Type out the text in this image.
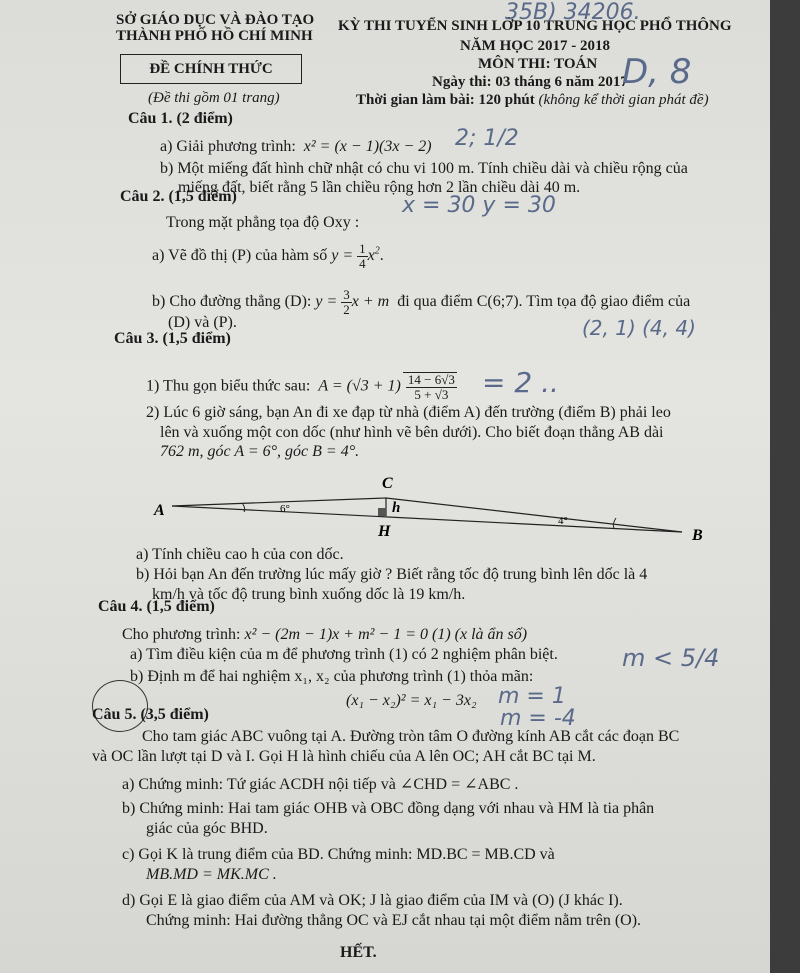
SỞ GIÁO DỤC VÀ ĐÀO TẠO
THÀNH PHỐ HỒ CHÍ MINH
ĐỀ CHÍNH THỨC
(Đề thi gồm 01 trang)
KỲ THI TUYỂN SINH LỚP 10 TRUNG HỌC PHỔ THÔNG
NĂM HỌC 2017 - 2018
MÔN THI: TOÁN
Ngày thi: 03 tháng 6 năm 2017
Thời gian làm bài: 120 phút (không kể thời gian phát đề)
35B) 34206.
D, 8
Câu 1. (2 điểm)
a) Giải phương trình: x² = (x − 1)(3x − 2) 2; 1/2
b) Một miếng đất hình chữ nhật có chu vi 100 m. Tính chiều dài và chiều rộng của
miếng đất, biết rằng 5 lần chiều rộng hơn 2 lần chiều dài 40 m.
x = 30 y = 30
Câu 2. (1,5 điểm)
Trong mặt phẳng tọa độ Oxy :
a) Vẽ đồ thị (P) của hàm số $y = \frac{1}{4} x^2$.
b) Cho đường thẳng (D): $y = \frac{3}{2}$ x + m đi qua điểm C(6;7). Tìm tọa độ giao điểm của
(D) và (P).	(2, 1) (4, 4)
Câu 3. (1,5 điểm)
1) Thu gọn biểu thức sau: $A = (√3 + 1) \frac{14 - 6√3}{5 + √3} = 2$ ..
2) Lúc 6 giờ sáng, bạn An đi xe đạp từ nhà (điểm A) đến trường (điểm B) phải leo
lên và xuống một con dốc (như hình vẽ bên dưới). Cho biết đoạn thẳng AB dài
762 m, góc A = 6°, góc B = 4°.
A
B
C
H
h
6°
4°
a) Tính chiều cao h của con dốc.
b) Hỏi bạn An đến trường lúc mấy giờ ? Biết rằng tốc độ trung bình lên dốc là 4
km/h và tốc độ trung bình xuống dốc là 19 km/h.
Câu 4. (1,5 điểm)
Cho phương trình: x² − (2m − 1)x + m² − 1 = 0 (1) (x là ẩn số)
a) Tìm điều kiện của m để phương trình (1) có 2 nghiệm phân biệt.	m < 5/4
b) Định m để hai nghiệm x₁, x₂ của phương trình (1) thỏa mãn:
(x₁ − x₂)² = x₁ − 3x₂ m = 1
m = -4
Câu 5. (3,5 điểm)
Cho tam giác ABC vuông tại A. Đường tròn tâm O đường kính AB cắt các đoạn BC
và OC lần lượt tại D và I. Gọi H là hình chiếu của A lên OC; AH cắt BC tại M.
a) Chứng minh: Tứ giác ACDH nội tiếp và ∠CHD = ∠ABC .
b) Chứng minh: Hai tam giác OHB và OBC đồng dạng với nhau và HM là tia phân
giác của góc BHD.
c) Gọi K là trung điểm của BD. Chứng minh: MD.BC = MB.CD và
MB.MD = MK.MC .
d) Gọi E là giao điểm của AM và OK; J là giao điểm của IM và (O) (J khác I).
Chứng minh: Hai đường thẳng OC và EJ cắt nhau tại một điểm nằm trên (O).
HẾT.
